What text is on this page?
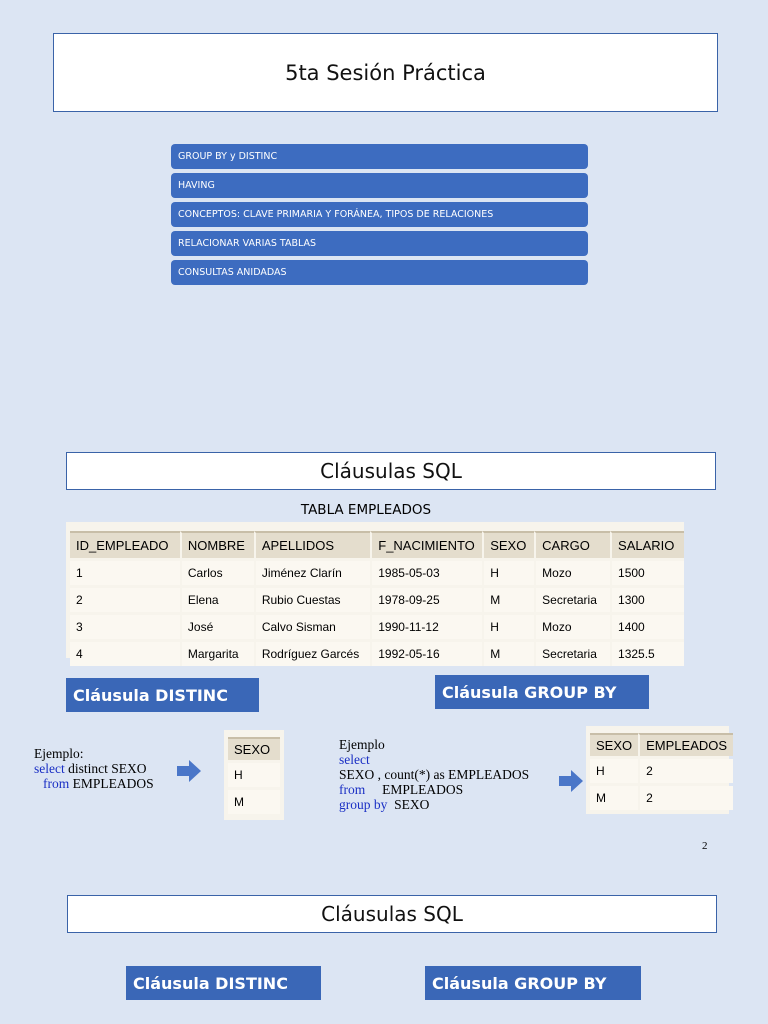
5ta Sesión Práctica
GROUP BY y DISTINC
HAVING
CONCEPTOS: CLAVE PRIMARIA Y FORÁNEA, TIPOS DE RELACIONES
RELACIONAR VARIAS TABLAS
CONSULTAS ANIDADAS
Cláusulas SQL
TABLA EMPLEADOS
ID_EMPLEADO	NOMBRE	APELLIDOS	F_NACIMIENTO	SEXO	CARGO	SALARIO
1	Carlos	Jiménez Clarín	1985-05-03	H	Mozo	1500
2	Elena	Rubio Cuestas	1978-09-25	M	Secretaria	1300
3	José	Calvo Sisman	1990-11-12	H	Mozo	1400
4	Margarita	Rodríguez Garcés	1992-05-16	M	Secretaria	1325.5
Cláusula DISTINC	Cláusula GROUP BY
Ejemplo:
select distinct SEXO
from EMPLEADOS
SEXO
H
M
Ejemplo
select
SEXO , count(*) as EMPLEADOS
from     EMPLEADOS
group by  SEXO
SEXO	EMPLEADOS
H	2
M	2
2
Cláusulas SQL
Cláusula DISTINC	Cláusula GROUP BY
